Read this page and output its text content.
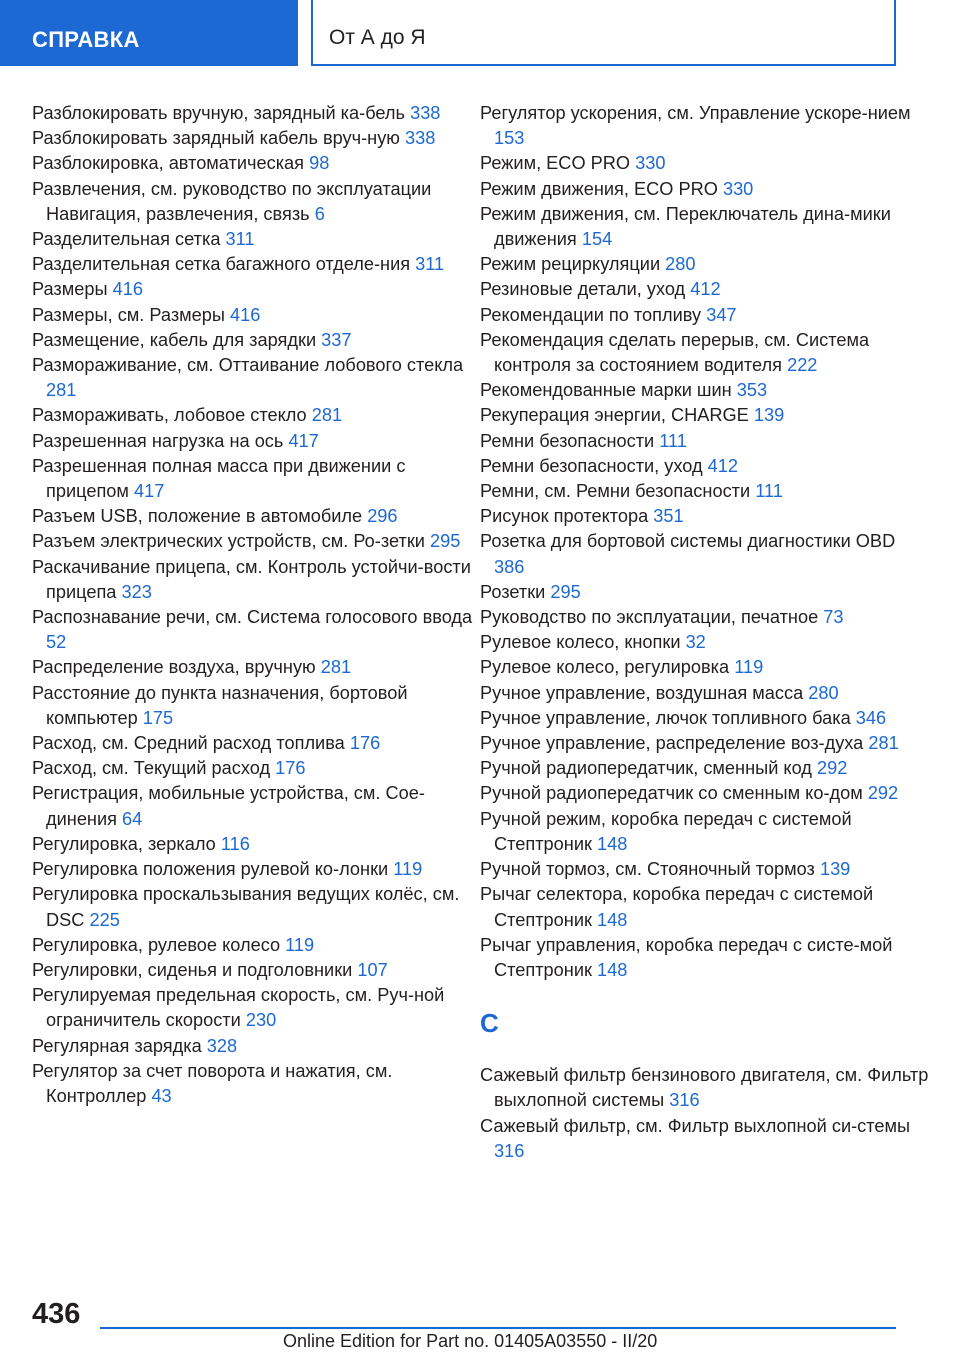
СПРАВКА	От А до Я

Разблокировать вручную, зарядный ка-бель 338

Разблокировать зарядный кабель вруч-ную 338

Разблокировка, автоматическая 98

Развлечения, см. руководство по эксплуатации Навигация, развлечения, связь 6

Разделительная сетка 311

Разделительная сетка багажного отделе-ния 311

Размеры 416

Размеры, см. Размеры 416

Размещение, кабель для зарядки 337

Размораживание, см. Оттаивание лобового стекла 281

Размораживать, лобовое стекло 281

Разрешенная нагрузка на ось 417

Разрешенная полная масса при движении с прицепом 417

Разъем USB, положение в автомобиле 296

Разъем электрических устройств, см. Ро-зетки 295

Раскачивание прицепа, см. Контроль устойчи-вости прицепа 323

Распознавание речи, см. Система голосового ввода 52

Распределение воздуха, вручную 281

Расстояние до пункта назначения, бортовой компьютер 175

Расход, см. Средний расход топлива 176

Расход, см. Текущий расход 176

Регистрация, мобильные устройства, см. Сое-динения 64

Регулировка, зеркало 116

Регулировка положения рулевой ко-лонки 119

Регулировка проскальзывания ведущих колёс, см. DSC 225

Регулировка, рулевое колесо 119

Регулировки, сиденья и подголовники 107

Регулируемая предельная скорость, см. Руч-ной ограничитель скорости 230

Регулярная зарядка 328

Регулятор за счет поворота и нажатия, см. Контроллер 43

Регулятор ускорения, см. Управление ускоре-нием 153

Режим, ECO PRO 330

Режим движения, ECO PRO 330

Режим движения, см. Переключатель дина-мики движения 154

Режим рециркуляции 280

Резиновые детали, уход 412

Рекомендации по топливу 347

Рекомендация сделать перерыв, см. Система контроля за состоянием водителя 222

Рекомендованные марки шин 353

Рекуперация энергии, CHARGE 139

Ремни безопасности 111

Ремни безопасности, уход 412

Ремни, см. Ремни безопасности 111

Рисунок протектора 351

Розетка для бортовой системы диагностики OBD 386

Розетки 295

Руководство по эксплуатации, печатное 73

Рулевое колесо, кнопки 32

Рулевое колесо, регулировка 119

Ручное управление, воздушная масса 280

Ручное управление, лючок топливного бака 346

Ручное управление, распределение воз-духа 281

Ручной радиопередатчик, сменный код 292

Ручной радиопередатчик со сменным ко-дом 292

Ручной режим, коробка передач с системой Стептроник 148

Ручной тормоз, см. Стояночный тормоз 139

Рычаг селектора, коробка передач с системой Стептроник 148

Рычаг управления, коробка передач с систе-мой Стептроник 148

С

Сажевый фильтр бензинового двигателя, см. Фильтр выхлопной системы 316

Сажевый фильтр, см. Фильтр выхлопной си-стемы 316

436
Online Edition for Part no. 01405A03550 - II/20
